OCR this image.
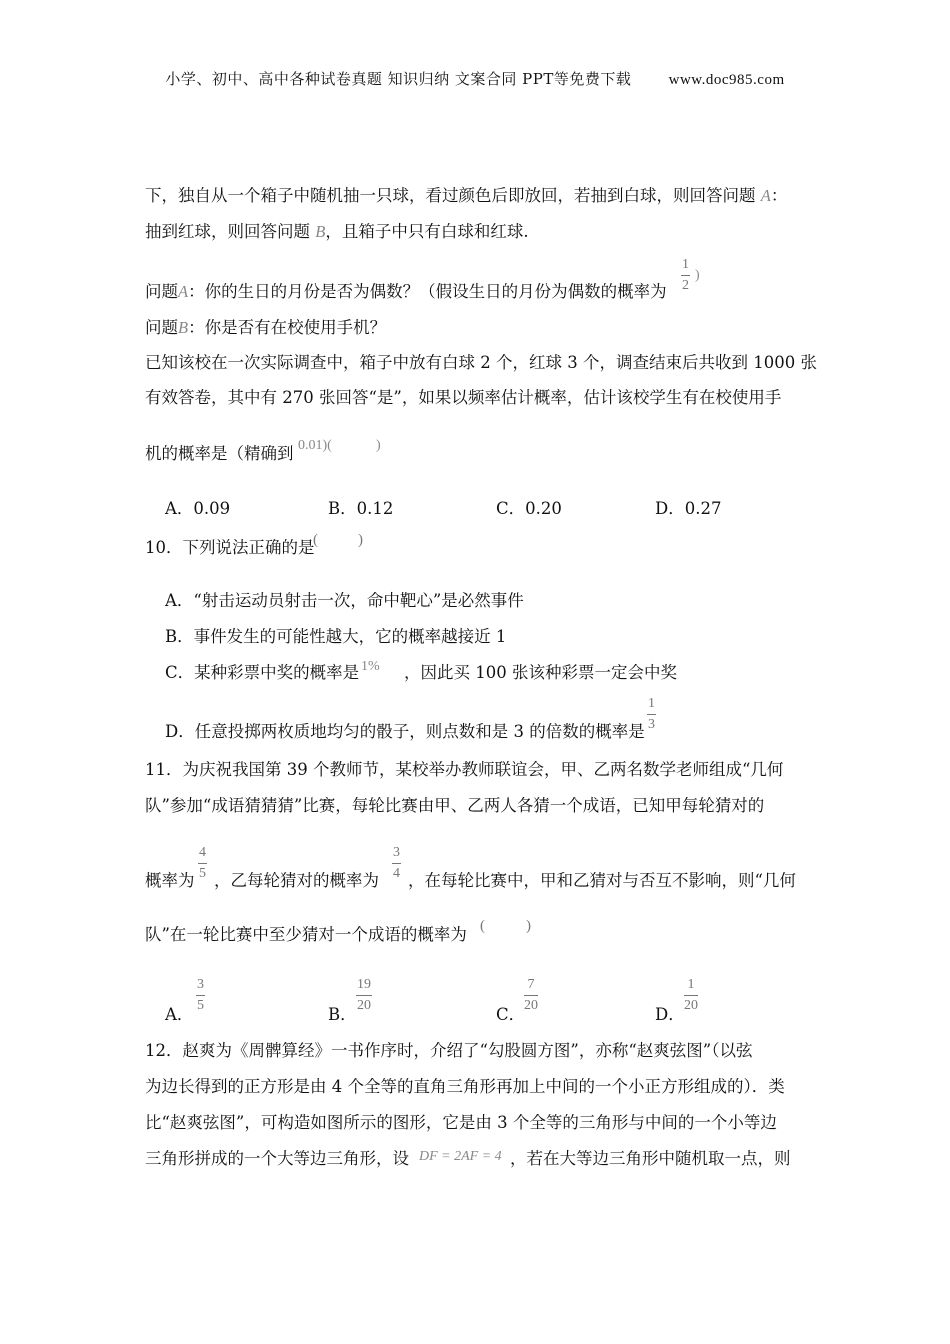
小学、初中、高中各种试卷真题 知识归纳 文案合同 PPT等免费下载 www.doc985.com
下，独自从一个箱子中随机抽一只球，看过颜色后即放回，若抽到白球，则回答问题 A：
抽到红球，则回答问题 B，且箱子中只有白球和红球.
问题A：你的生日的月份是否为偶数？（假设生日的月份为偶数的概率为
1
2
)
问题B：你是否有在校使用手机？
已知该校在一次实际调查中，箱子中放有白球 2 个，红球 3 个，调查结束后共收到 1000 张
有效答卷，其中有 270 张回答“是”，如果以频率估计概率，估计该校学生有在校使用手
机的概率是（精确到 0.01)(	)
A．0.09	B．0.12	C．0.20	D．0.27
10．下列说法正确的是
(	)
A．“射击运动员射击一次，命中靶心”是必然事件
B．事件发生的可能性越大，它的概率越接近 1
C．某种彩票中奖的概率是 1% ，因此买 100 张该种彩票一定会中奖
D．任意投掷两枚质地均匀的骰子，则点数和是 3 的倍数的概率是
1
3
11．为庆祝我国第 39 个教师节，某校举办教师联谊会，甲、乙两名数学老师组成“几何
队”参加“成语猜猜猜”比赛，每轮比赛由甲、乙两人各猜一个成语，已知甲每轮猜对的
概率为
4
5 ，乙每轮猜对的概率为
3
4 ，在每轮比赛中，甲和乙猜对与否互不影响，则“几何
队”在一轮比赛中至少猜对一个成语的概率为 (	)
A．
3
5	B．
19
20	C．
7
20	D．
1
20
12．赵爽为《周髀算经》一书作序时，介绍了“勾股圆方图”，亦称“赵爽弦图”（以弦
为边长得到的正方形是由 4 个全等的直角三角形再加上中间的一个小正方形组成的）．类
比“赵爽弦图”，可构造如图所示的图形，它是由 3 个全等的三角形与中间的一个小等边
三角形拼成的一个大等边三角形，设 DF = 2AF = 4 ，若在大等边三角形中随机取一点，则
